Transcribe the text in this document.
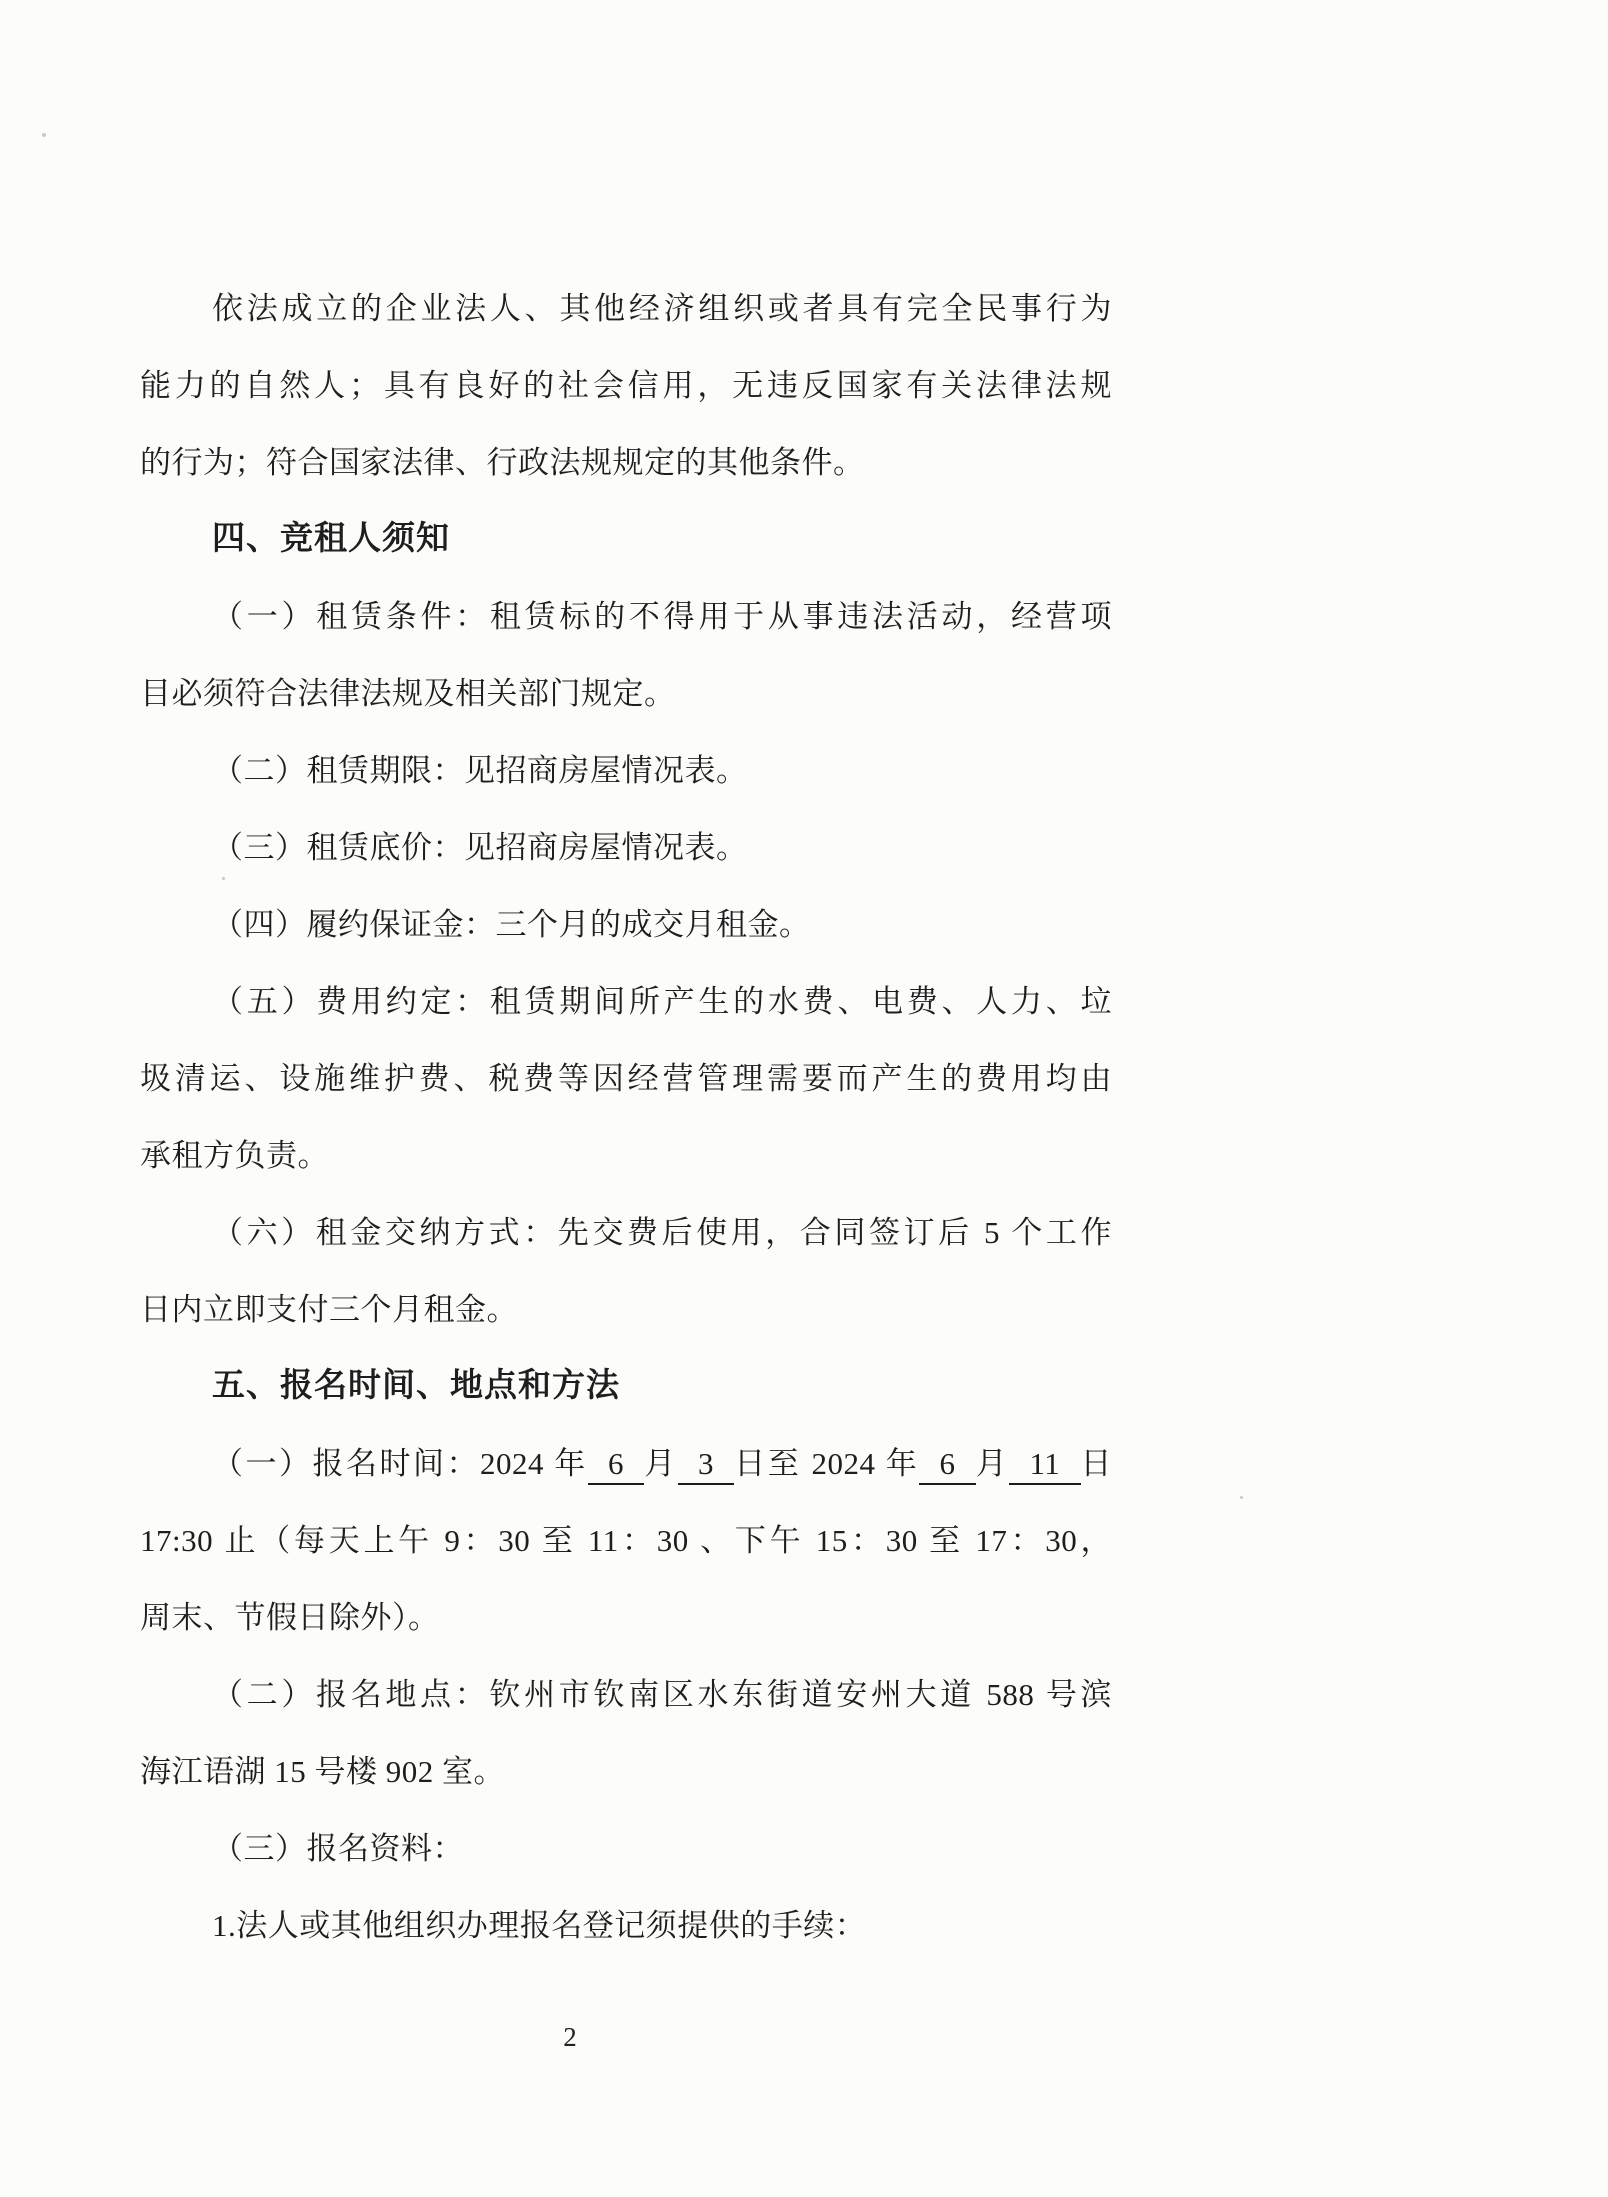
依法成立的企业法人、其他经济组织或者具有完全民事行为
能力的自然人；具有良好的社会信用，无违反国家有关法律法规
的行为；符合国家法律、行政法规规定的其他条件。
四、竞租人须知
（一）租赁条件：租赁标的不得用于从事违法活动，经营项
目必须符合法律法规及相关部门规定。
（二）租赁期限：见招商房屋情况表。
（三）租赁底价：见招商房屋情况表。
（四）履约保证金：三个月的成交月租金。
（五）费用约定：租赁期间所产生的水费、电费、人力、垃
圾清运、设施维护费、税费等因经营管理需要而产生的费用均由
承租方负责。
（六）租金交纳方式：先交费后使用，合同签订后 5 个工作
日内立即支付三个月租金。
五、报名时间、地点和方法
（一）报名时间：2024 年 6 月 3 日至 2024 年 6 月 11 日
17:30 止（每天上午 9：30 至 11：30 、下午 15：30 至 17：30，
周末、节假日除外）。
（二）报名地点：钦州市钦南区水东街道安州大道 588 号滨
海江语湖 15 号楼 902 室。
（三）报名资料：
1.法人或其他组织办理报名登记须提供的手续：
2
